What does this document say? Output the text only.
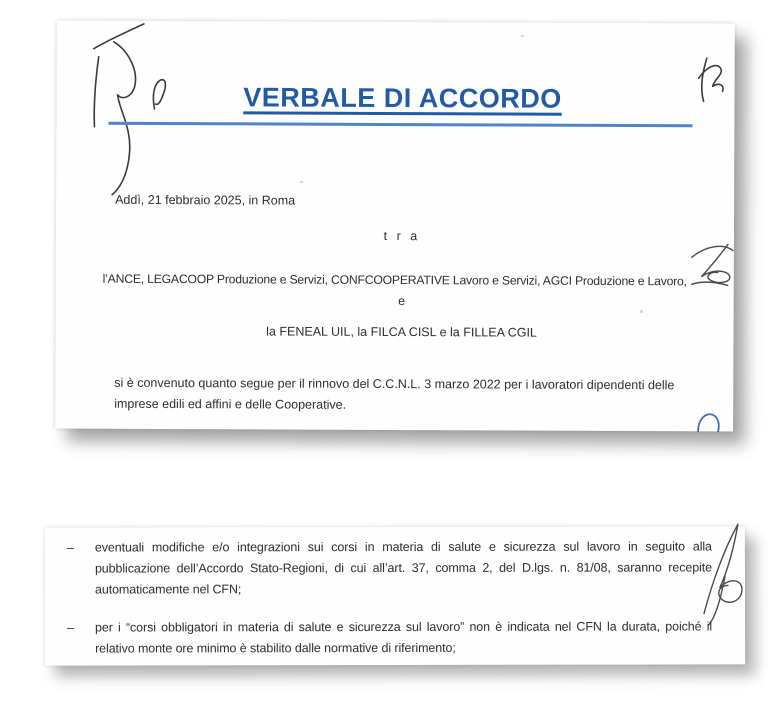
VERBALE DI ACCORDO

Addì, 21 febbraio 2025, in Roma

t r a

l’ANCE, LEGACOOP Produzione e Servizi, CONFCOOPERATIVE Lavoro e Servizi, AGCI Produzione e Lavoro,

e

la FENEAL UIL, la FILCA CISL e la FILLEA CGIL

si è convenuto quanto segue per il rinnovo del C.C.N.L. 3 marzo 2022 per i lavoratori dipendenti delle imprese edili ed affini e delle Cooperative.

–	eventuali modifiche e/o integrazioni sui corsi in materia di salute e sicurezza sul lavoro in seguito alla pubblicazione dell’Accordo Stato-Regioni, di cui all’art. 37, comma 2, del D.lgs. n. 81/08, saranno recepite automaticamente nel CFN;

–	per i “corsi obbligatori in materia di salute e sicurezza sul lavoro” non è indicata nel CFN la durata, poiché il relativo monte ore minimo è stabilito dalle normative di riferimento;
